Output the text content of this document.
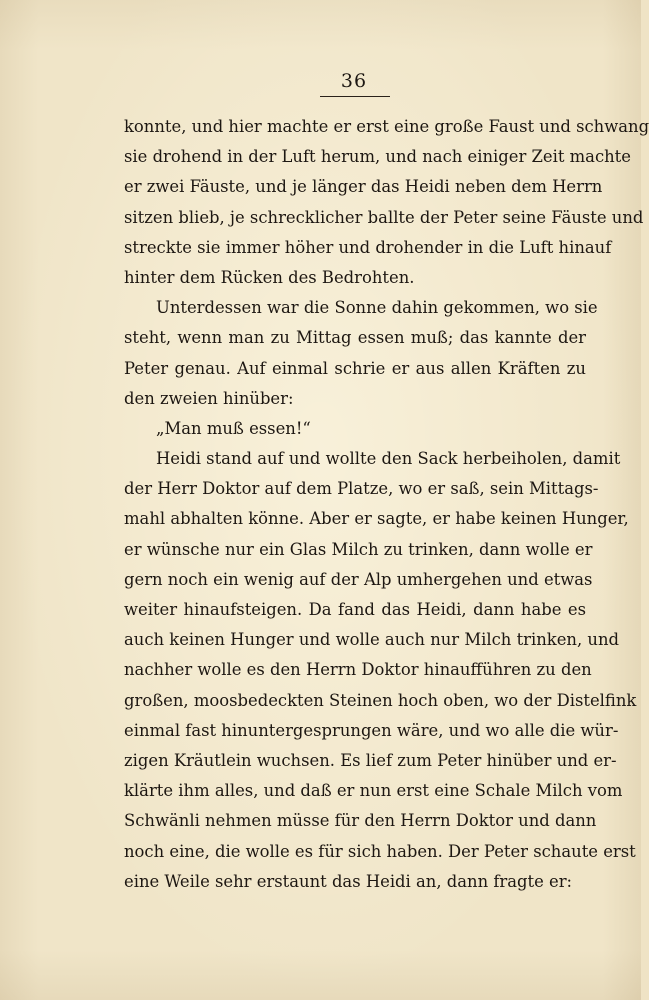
36
konnte, und hier machte er erst eine große Faust und schwang
sie drohend in der Luft herum, und nach einiger Zeit machte
er zwei Fäuste, und je länger das Heidi neben dem Herrn
sitzen blieb, je schrecklicher ballte der Peter seine Fäuste und
streckte sie immer höher und drohender in die Luft hinauf
hinter dem Rücken des Bedrohten.
Unterdessen war die Sonne dahin gekommen, wo sie
steht, wenn man zu Mittag essen muß; das kannte der
Peter genau. Auf einmal schrie er aus allen Kräften zu
den zweien hinüber:
„Man muß essen!“
Heidi stand auf und wollte den Sack herbeiholen, damit
der Herr Doktor auf dem Platze, wo er saß, sein Mittags-
mahl abhalten könne. Aber er sagte, er habe keinen Hunger,
er wünsche nur ein Glas Milch zu trinken, dann wolle er
gern noch ein wenig auf der Alp umhergehen und etwas
weiter hinaufsteigen. Da fand das Heidi, dann habe es
auch keinen Hunger und wolle auch nur Milch trinken, und
nachher wolle es den Herrn Doktor hinaufführen zu den
großen, moosbedeckten Steinen hoch oben, wo der Distelfink
einmal fast hinuntergesprungen wäre, und wo alle die wür-
zigen Kräutlein wuchsen. Es lief zum Peter hinüber und er-
klärte ihm alles, und daß er nun erst eine Schale Milch vom
Schwänli nehmen müsse für den Herrn Doktor und dann
noch eine, die wolle es für sich haben. Der Peter schaute erst
eine Weile sehr erstaunt das Heidi an, dann fragte er:
